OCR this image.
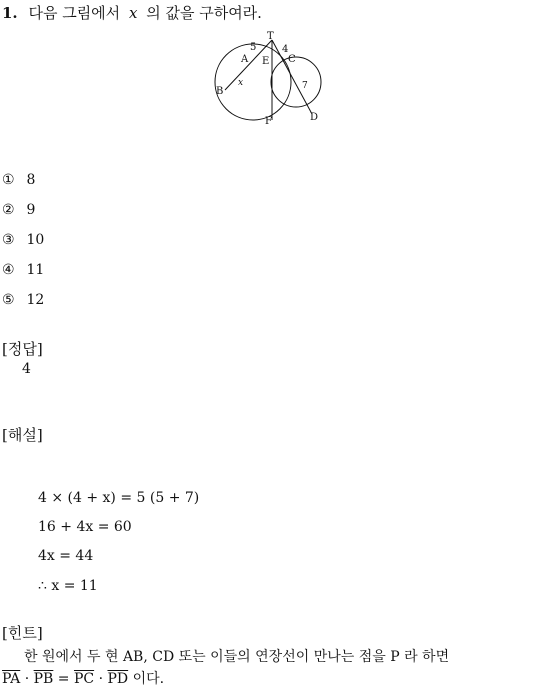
1. 다음 그림에서 x 의 값을 구하여라.
T
A E C
B
F	D
5	4
x	7
① 8
② 9
③ 10
④ 11
⑤ 12
[정답]
4
[해설]
4 × (4 + x) = 5 (5 + 7)
16 + 4x = 60
4x = 44
∴ x = 11
[힌트]
한 원에서 두 현 AB, CD 또는 이들의 연장선이 만나는 점을 P 라 하면
$\overline{PA} \cdot \overline{PB} = \overline{PC} \cdot \overline{PD}$ 이다.
